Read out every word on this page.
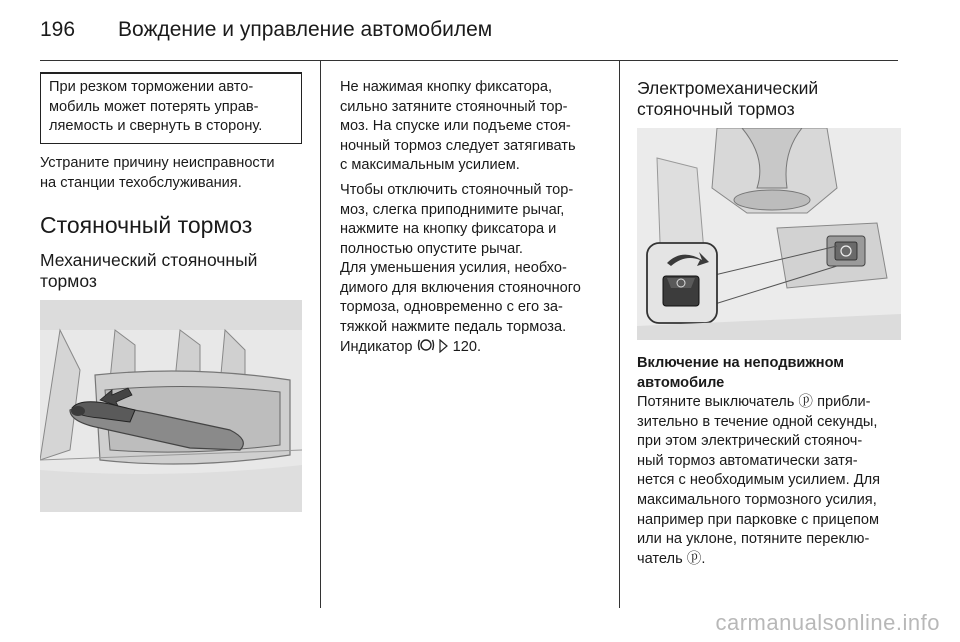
196 Вождение и управление автомобилем
При резком торможении авто-
мобиль может потерять управ-
ляемость и свернуть в сторону.
Устраните причину неисправности
на станции техобслуживания.
Стояночный тормоз
Механический стояночный
тормоз
Не нажимая кнопку фиксатора,
сильно затяните стояночный тор-
моз. На спуске или подъеме стоя-
ночный тормоз следует затягивать
с максимальным усилием.
Чтобы отключить стояночный тор-
моз, слегка приподнимите рычаг,
нажмите на кнопку фиксатора и
полностью опустите рычаг.
Для уменьшения усилия, необхо-
димого для включения стояночного
тормоза, одновременно с его за-
тяжкой нажмите педаль тормоза.
Индикатор	120.
Электромеханический
стояночный тормоз
Включение на неподвижном
автомобиле
Потяните выключатель ⓟ прибли-
зительно в течение одной секунды,
при этом электрический стояноч-
ный тормоз автоматически затя-
нется с необходимым усилием. Для
максимального тормозного усилия,
например при парковке с прицепом
или на уклоне, потяните переклю-
чатель ⓟ.
carmanualsonline.info
